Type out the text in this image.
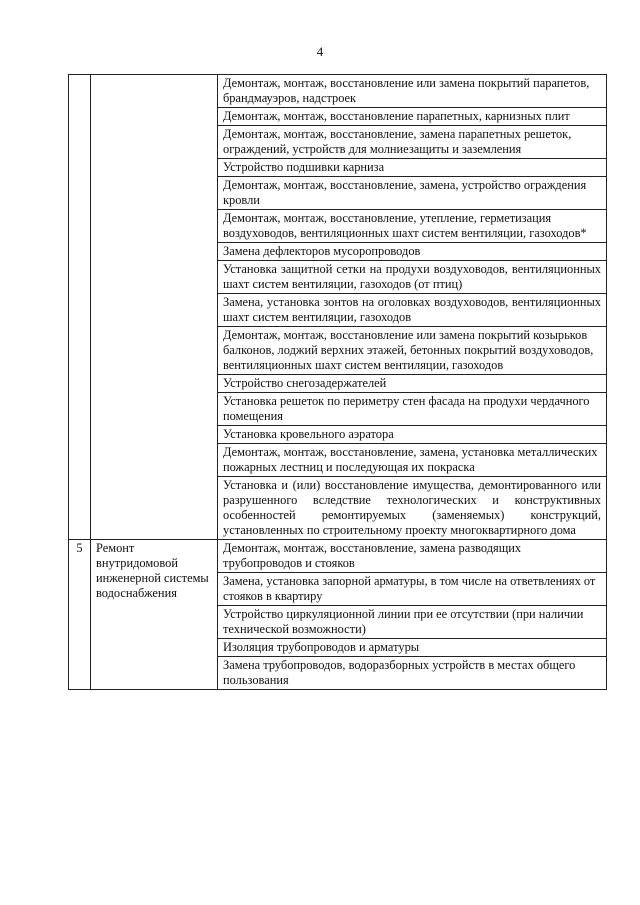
4
		Демонтаж, монтаж, восстановление или замена покрытий парапетов, брандмауэров, надстроек
		Демонтаж, монтаж, восстановление парапетных, карнизных плит
		Демонтаж, монтаж, восстановление, замена парапетных решеток, ограждений, устройств для молниезащиты и заземления
		Устройство подшивки карниза
		Демонтаж, монтаж, восстановление, замена, устройство ограждения кровли
		Демонтаж, монтаж, восстановление, утепление, герметизация воздуховодов, вентиляционных шахт систем вентиляции, газоходов*
		Замена дефлекторов мусоропроводов
		Установка защитной сетки на продухи воздуховодов, вентиляционных шахт систем вентиляции, газоходов (от птиц)
		Замена, установка зонтов на оголовках воздуховодов, вентиляционных шахт систем вентиляции, газоходов
		Демонтаж, монтаж, восстановление или замена покрытий козырьков балконов, лоджий верхних этажей, бетонных покрытий воздуховодов, вентиляционных шахт систем вентиляции, газоходов
		Устройство снегозадержателей
		Установка решеток по периметру стен фасада на продухи чердачного помещения
		Установка кровельного аэратора
		Демонтаж, монтаж, восстановление, замена, установка металлических пожарных лестниц и последующая их покраска
		Установка и (или) восстановление имущества, демонтированного или разрушенного вследствие технологических и конструктивных особенностей ремонтируемых (заменяемых) конструкций, установленных по строительному проекту многоквартирного дома
5	Ремонт внутридомовой инженерной системы водоснабжения	Демонтаж, монтаж, восстановление, замена разводящих трубопроводов и стояков
		Замена, установка запорной арматуры, в том числе на ответвлениях от стояков в квартиру
		Устройство циркуляционной линии при ее отсутствии (при наличии технической возможности)
		Изоляция трубопроводов и арматуры
		Замена трубопроводов, водоразборных устройств в местах общего пользования
